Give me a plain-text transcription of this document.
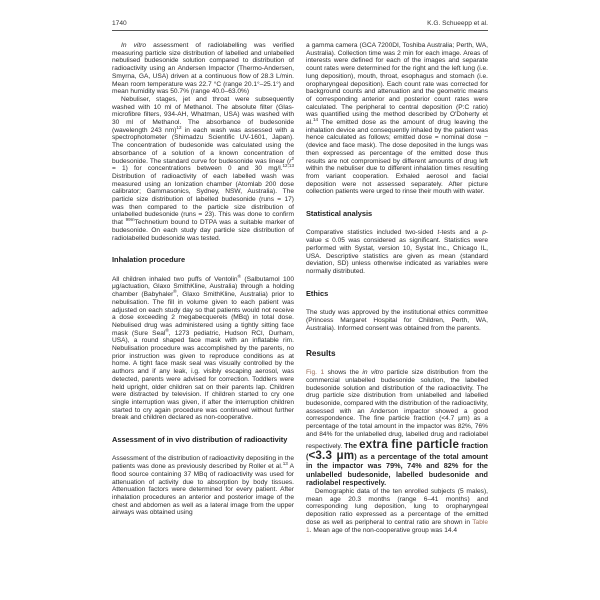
1740	K.G. Schueepp et al.

In vitro assessment of radiolabelling was verified measuring particle size distribution of labelled and unlabelled nebulised budesonide solution compared to distribution of radioactivity using an Andersen Impactor (Thermo-Andersen, Smyrna, GA, USA) driven at a continuous flow of 28.3 L/min. Mean room temperature was 22.7 °C (range 20.1°–25.1°) and mean humidity was 50.7% (range 40.0–63.0%)

Nebuliser, stages, jet and throat were subsequently washed with 10 ml of Methanol. The absolute filter (Glas-microfibre filters, 934-AH, Whatman, USA) was washed with 30 ml of Methanol. The absorbance of budesonide (wavelength 243 nm)$^{12}$ in each wash was assessed with a spectrophotometer (Shimadzu Scientific UV-1601, Japan). The concentration of budesonide was calculated using the absorbance of a solution of a known concentration of budesonide. The standard curve for budesonide was linear $(r^2 = 1)$ for concentrations between 0 and 30 mg/l.$^{12,13}$ Distribution of radioactivity of each labelled wash was measured using an Ionization chamber (Atomlab 200 dose calibrator; Gammasonics, Sydney, NSW, Australia). The particle size distribution of labelled budesonide (runs = 17) was then compared to the particle size distribution of unlabelled budesonide (runs = 23). This was done to confirm that $^{99m}$Technetium bound to DTPA was a suitable marker of budesonide. On each study day particle size distribution of radiolabelled budesonide was tested.

Inhalation procedure

All children inhaled two puffs of Ventolin® (Salbutamol 100 μg/actuation, Glaxo SmithKline, Australia) through a holding chamber (Babyhaler®, Glaxo SmithKline, Australia) prior to nebulisation. The fill in volume given to each patient was adjusted on each study day so that patients would not receive a dose exceeding 2 megabecquerels (MBq) in total dose. Nebulised drug was administered using a tightly sitting face mask (Sure Seal®, 1273 pediatric, Hudson RCI, Durham, USA), a round shaped face mask with an inflatable rim. Nebulisation procedure was accomplished by the parents, no prior instruction was given to reproduce conditions as at home. A tight face mask seal was visually controlled by the authors and if any leak, i.g. visibly escaping aerosol, was detected, parents were advised for correction. Toddlers were held upright, older children sat on their parents lap. Children were distracted by television. If children started to cry one single interruption was given, if after the interruption children started to cry again procedure was continued without further break and children declared as non-cooperative.

Assessment of in vivo distribution of radioactivity

Assessment of the distribution of radioactivity depositing in the patients was done as previously described by Roller et al.$^{13}$ A flood source containing 37 MBq of radioactivity was used for attenuation of activity due to absorption by body tissues. Attenuation factors were determined for every patient. After inhalation procedures an anterior and posterior image of the chest and abdomen as well as a lateral image from the upper airways was obtained using

a gamma camera (GCA 7200DI, Toshiba Australia; Perth, WA, Australia). Collection time was 2 min for each image. Areas of interests were defined for each of the images and separate count rates were determined for the right and the left lung (i.e. lung deposition), mouth, throat, esophagus and stomach (i.e. oropharyngeal deposition). Each count rate was corrected for background counts and attenuation and the geometric means of corresponding anterior and posterior count rates were calculated. The peripheral to central deposition (P:C ratio) was quantified using the method described by O'Doherty et al.$^{14}$ The emitted dose as the amount of drug leaving the inhalation device and consequently inhaled by the patient was hence calculated as follows; emitted dose = nominal dose − (device and face mask). The dose deposited in the lungs was then expressed as percentage of the emitted dose thus results are not compromised by different amounts of drug left within the nebuliser due to different inhalation times resulting from variant cooperation. Exhaled aerosol and facial deposition were not assessed separately. After picture collection patients were urged to rinse their mouth with water.

Statistical analysis

Comparative statistics included two-sided t-tests and a p-value ≤ 0.05 was considered as significant. Statistics were performed with Systat, version 10, Systat Inc., Chicago IL, USA. Descriptive statistics are given as mean (standard deviation, SD) unless otherwise indicated as variables were normally distributed.

Ethics

The study was approved by the institutional ethics committee (Princess Margaret Hospital for Children, Perth, WA, Australia). Informed consent was obtained from the parents.

Results

Fig. 1 shows the in vitro particle size distribution from the commercial unlabelled budesonide solution, the labelled budesonide solution and distribution of the radioactivity. The drug particle size distribution from unlabelled and labelled budesonide, compared with the distribution of the radioactivity, assessed with an Anderson impactor showed a good correspondence. The fine particle fraction (<4.7 μm) as a percentage of the total amount in the impactor was 82%, 76% and 84% for the unlabelled drug, labelled drug and radiolabel respectively. The extra fine particle fraction (<3.3 μm) as a percentage of the total amount in the impactor was 79%, 74% and 82% for the unlabelled budesonide, labelled budesonide and radiolabel respectively.

Demographic data of the ten enrolled subjects (5 males), mean age 20.3 months (range 6–41 months) and corresponding lung deposition, lung to oropharyngeal deposition ratio expressed as a percentage of the emitted dose as well as peripheral to central ratio are shown in Table 1. Mean age of the non-cooperative group was 14.4
